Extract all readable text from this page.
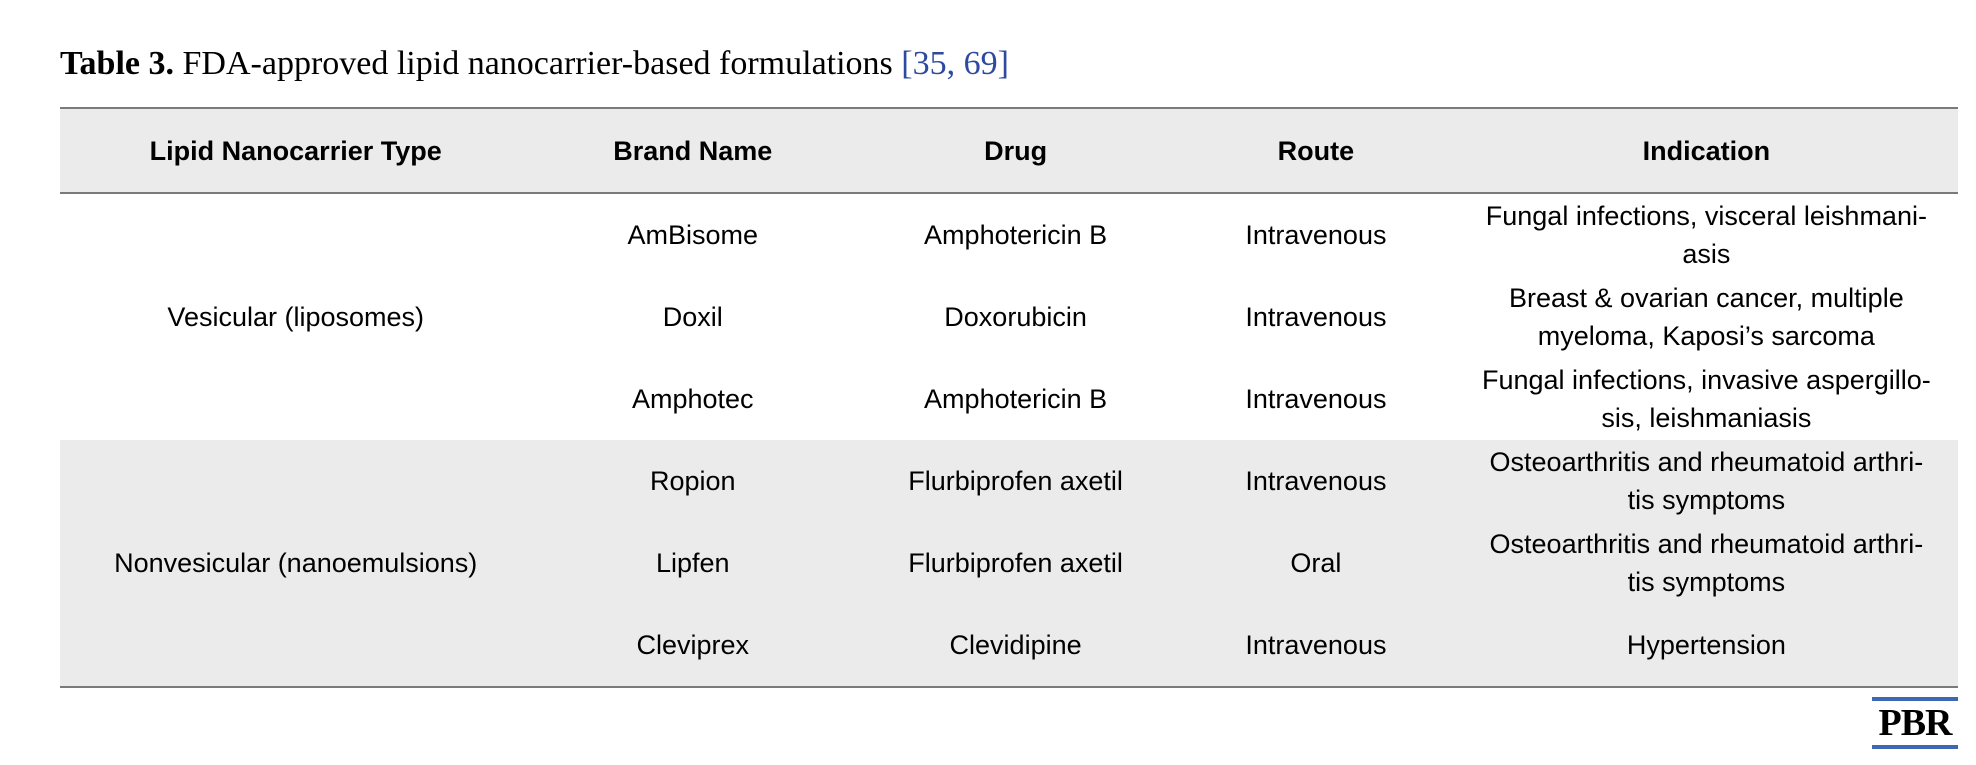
Table 3. FDA-approved lipid nanocarrier-based formulations [35, 69]
Lipid Nanocarrier Type	Brand Name	Drug	Route	Indication
Vesicular (liposomes)	AmBisome	Amphotericin B	Intravenous	Fungal infections, visceral leishmani-asis
	Doxil	Doxorubicin	Intravenous	Breast & ovarian cancer, multiple myeloma, Kaposi’s sarcoma
	Amphotec	Amphotericin B	Intravenous	Fungal infections, invasive aspergillo-sis, leishmaniasis
Nonvesicular (nanoemulsions)	Ropion	Flurbiprofen axetil	Intravenous	Osteoarthritis and rheumatoid arthri-tis symptoms
	Lipfen	Flurbiprofen axetil	Oral	Osteoarthritis and rheumatoid arthri-tis symptoms
	Cleviprex	Clevidipine	Intravenous	Hypertension
PBR
